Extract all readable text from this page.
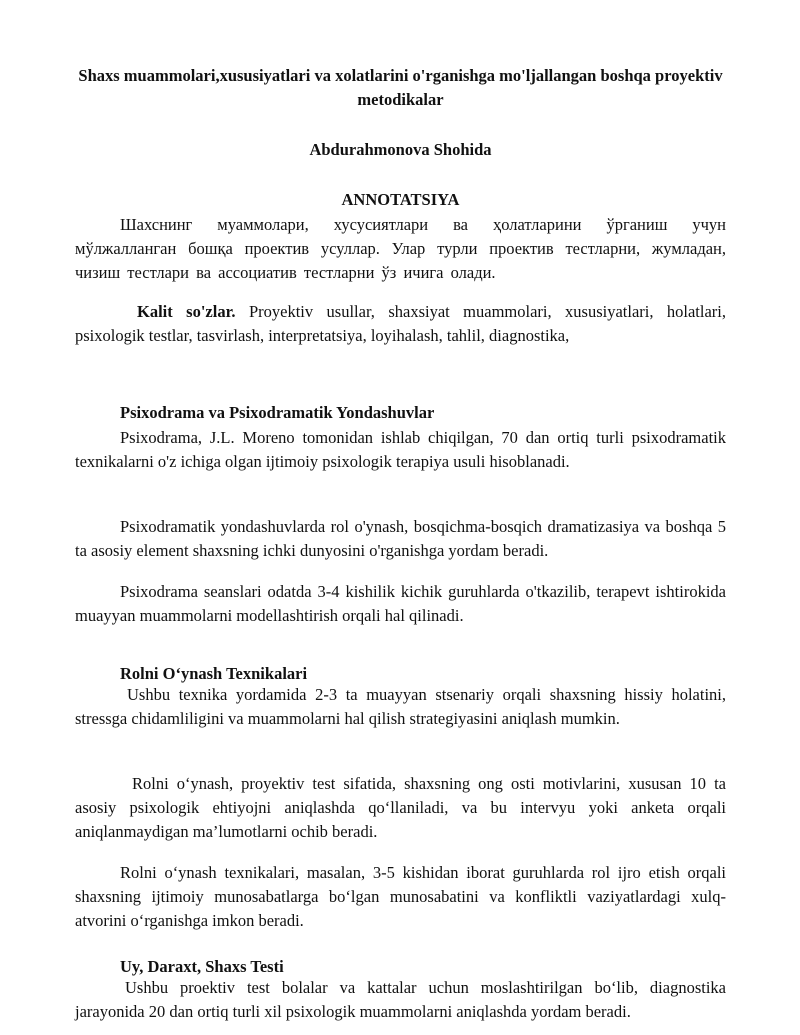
Shaxs muammolari,xususiyatlari va xolatlarini o'rganishga mo'ljallangan boshqa proyektiv metodikalar
Abdurahmonova Shohida
ANNOTATSIYA

Шахснинг муаммолари, хусусиятлари ва ҳолатларини ўрганиш учун мўлжалланган бошқа проектив усуллар. Улар турли проектив тестларни, жумладан, чизиш тестлари ва ассоциатив тестларни ўз ичига олади.

Kalit so'zlar. Proyektiv usullar, shaxsiyat muammolari, xususiyatlari, holatlari, psixologik testlar, tasvirlash, interpretatsiya, loyihalash, tahlil, diagnostika,

Psixodrama va Psixodramatik Yondashuvlar

Psixodrama, J.L. Moreno tomonidan ishlab chiqilgan, 70 dan ortiq turli psixodramatik texnikalarni o'z ichiga olgan ijtimoiy psixologik terapiya usuli hisoblanadi.

Psixodramatik yondashuvlarda rol o'ynash, bosqichma-bosqich dramatizasiya va boshqa 5 ta asosiy element shaxsning ichki dunyosini o'rganishga yordam beradi.

Psixodrama seanslari odatda 3-4 kishilik kichik guruhlarda o'tkazilib, terapevt ishtirokida muayyan muammolarni modellashtirish orqali hal qilinadi.

Rolni O‘ynash Texnikalari

Ushbu texnika yordamida 2-3 ta muayyan stsenariy orqali shaxsning hissiy holatini, stressga chidamliligini va muammolarni hal qilish strategiyasini aniqlash mumkin.

Rolni o‘ynash, proyektiv test sifatida, shaxsning ong osti motivlarini, xususan 10 ta asosiy psixologik ehtiyojni aniqlashda qo‘llaniladi, va bu intervyu yoki anketa orqali aniqlanmaydigan ma’lumotlarni ochib beradi.

Rolni o‘ynash texnikalari, masalan, 3-5 kishidan iborat guruhlarda rol ijro etish orqali shaxsning ijtimoiy munosabatlarga bo‘lgan munosabatini va konfliktli vaziyatlardagi xulq-atvorini o‘rganishga imkon beradi.

Uy, Daraxt, Shaxs Testi

Ushbu proektiv test bolalar va kattalar uchun moslashtirilgan bo‘lib, diagnostika jarayonida 20 dan ortiq turli xil psixologik muammolarni aniqlashda yordam beradi.
